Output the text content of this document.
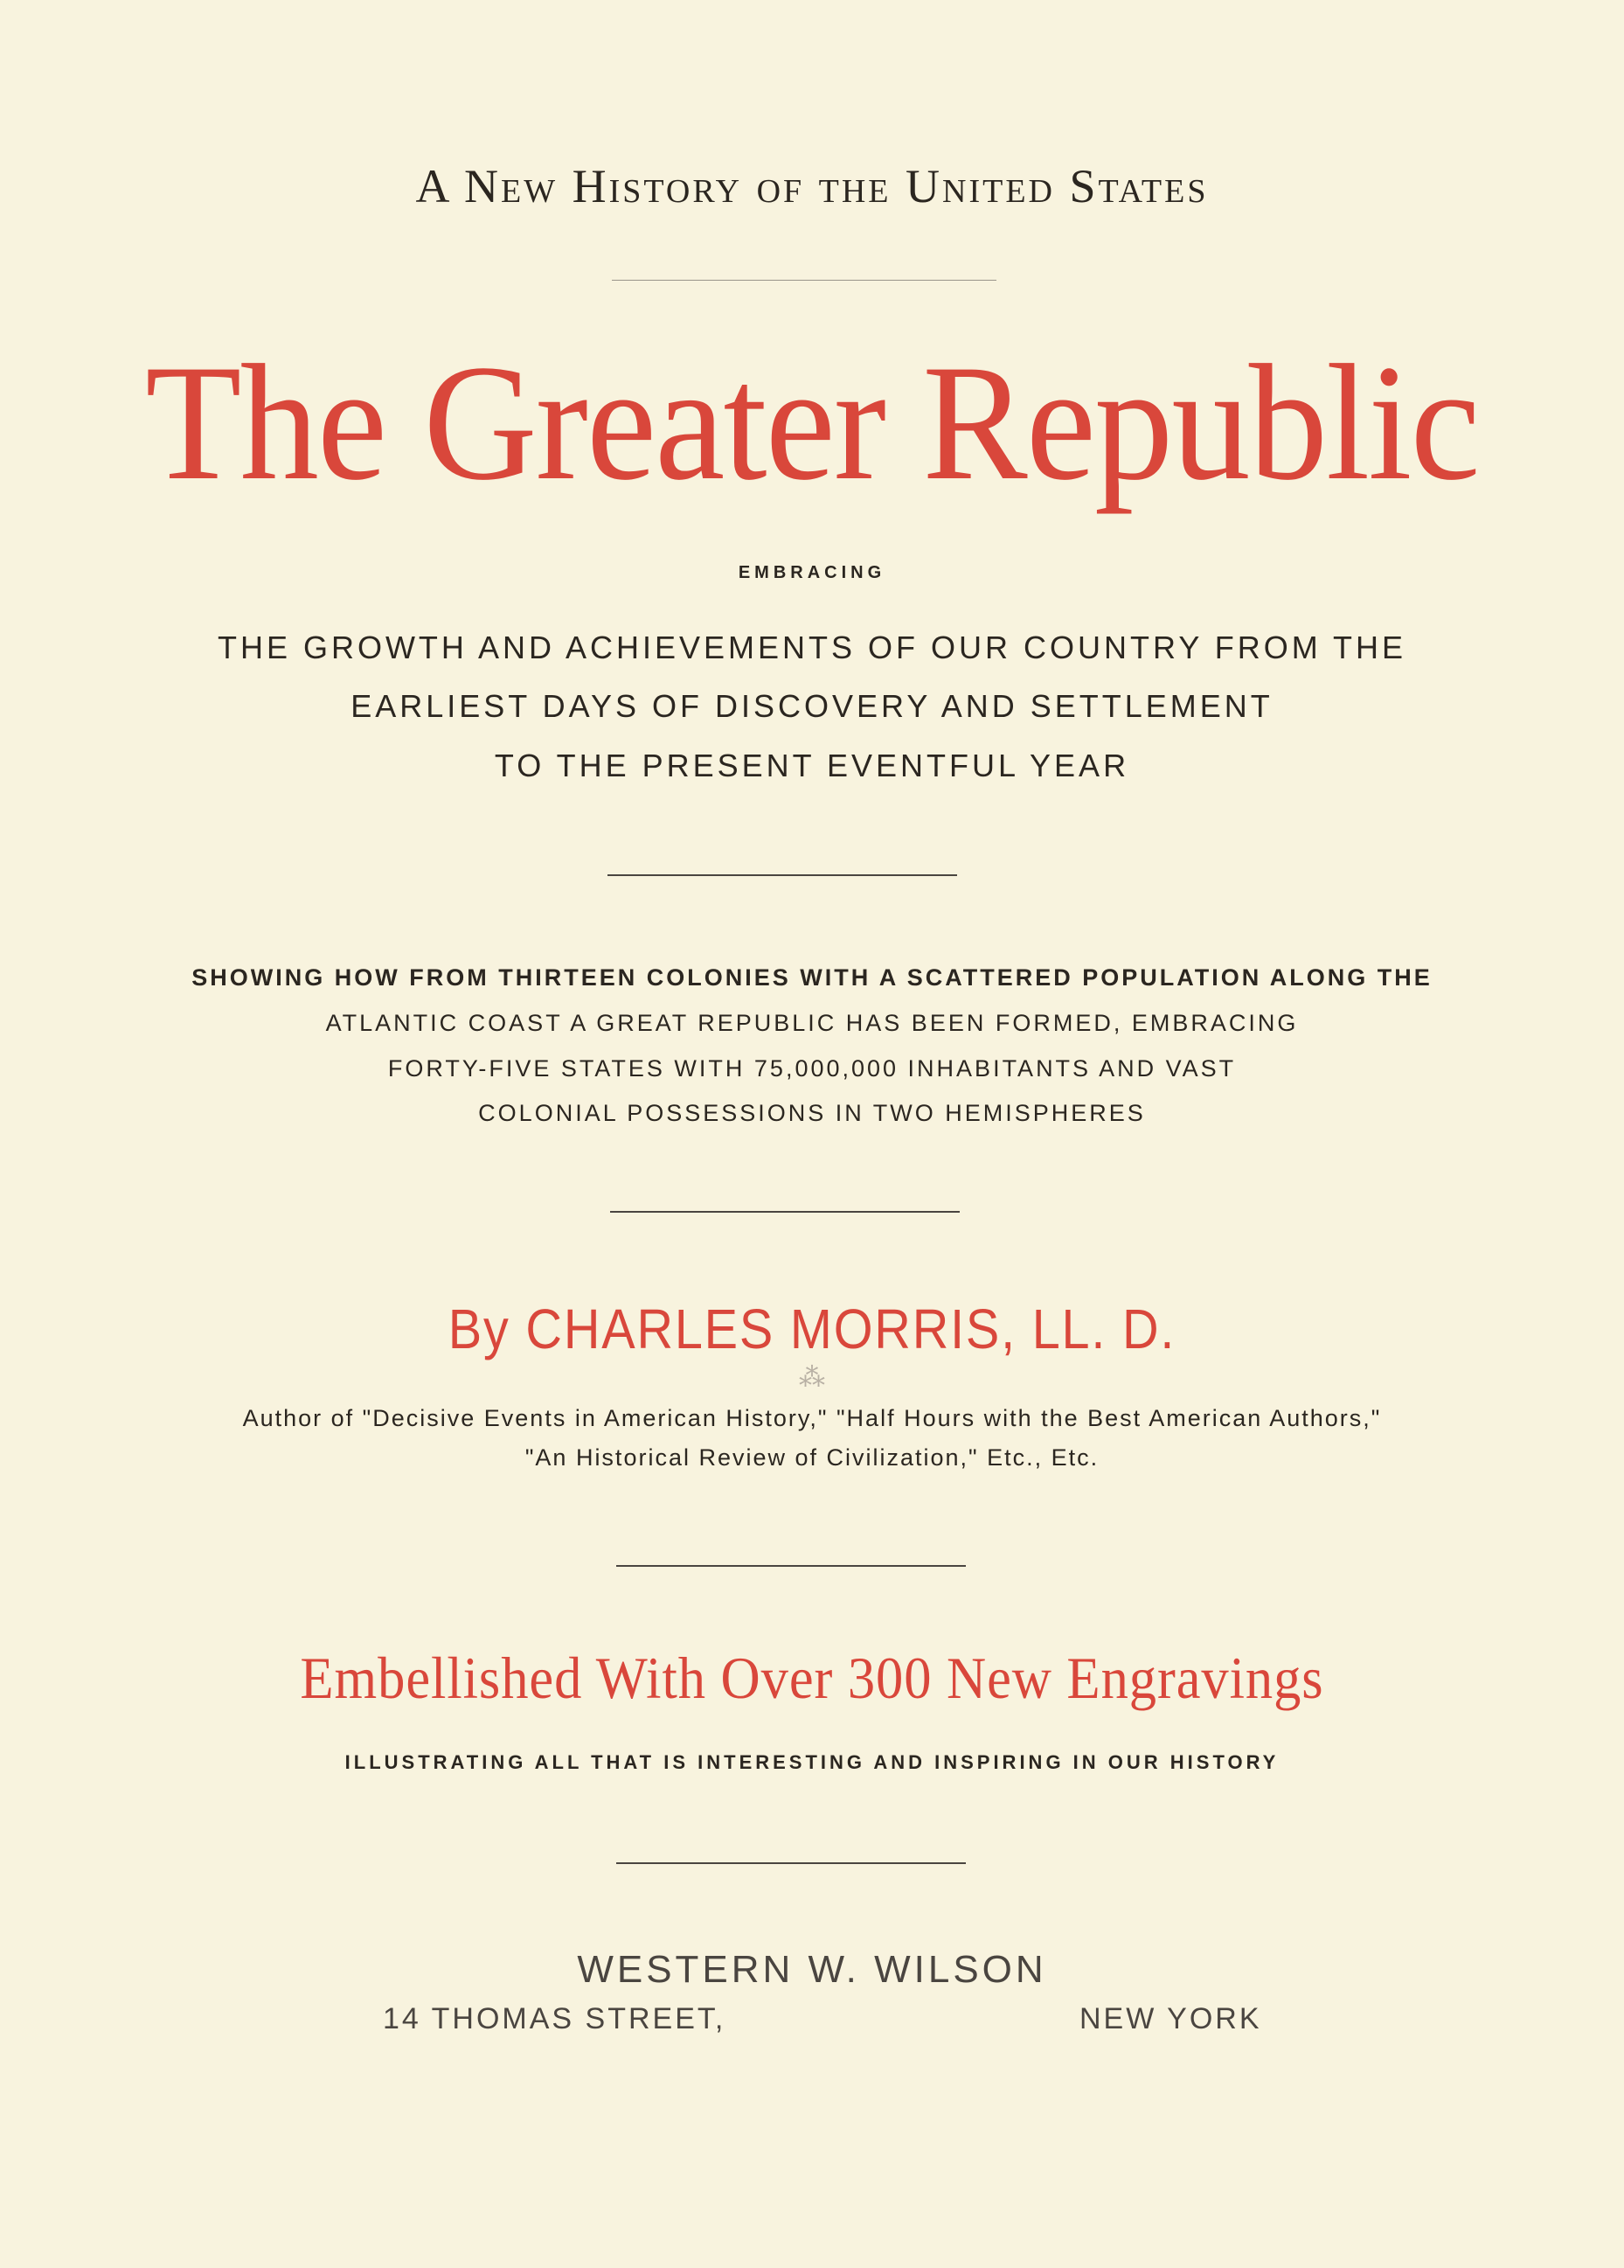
A New History of the United States
The Greater Republic
EMBRACING
THE GROWTH AND ACHIEVEMENTS OF OUR COUNTRY FROM THE
EARLIEST DAYS OF DISCOVERY AND SETTLEMENT
TO THE PRESENT EVENTFUL YEAR
SHOWING HOW FROM THIRTEEN COLONIES WITH A SCATTERED POPULATION ALONG THE
ATLANTIC COAST A GREAT REPUBLIC HAS BEEN FORMED, EMBRACING
FORTY-FIVE STATES WITH 75,000,000 INHABITANTS AND VAST
COLONIAL POSSESSIONS IN TWO HEMISPHERES
By CHARLES MORRIS, LL. D.
⁂
Author of "Decisive Events in American History," "Half Hours with the Best American Authors,"
"An Historical Review of Civilization," Etc., Etc.
Embellished With Over 300 New Engravings
ILLUSTRATING ALL THAT IS INTERESTING AND INSPIRING IN OUR HISTORY
WESTERN W. WILSON
14 THOMAS STREET,	NEW YORK
